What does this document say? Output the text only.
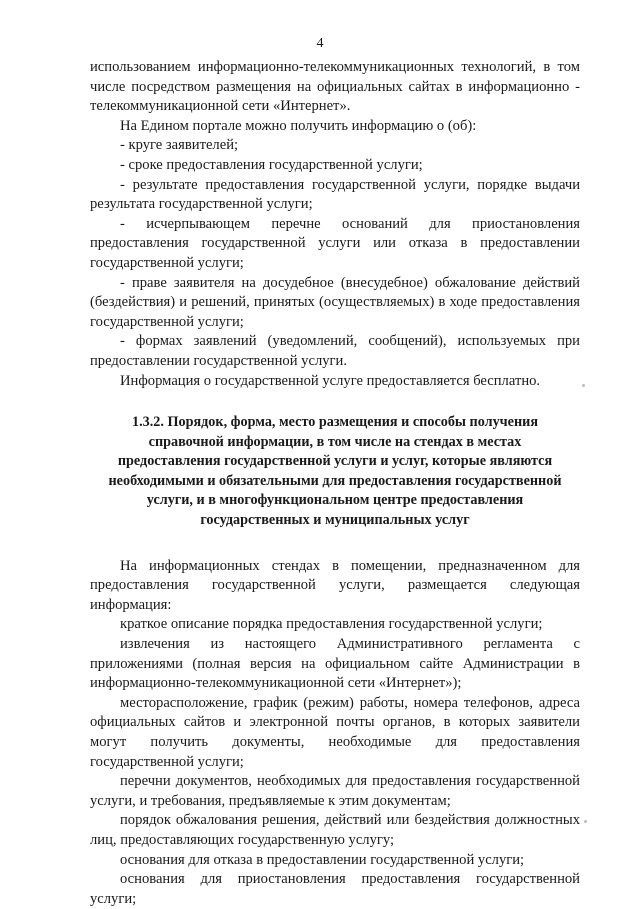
4

использованием информационно-телекоммуникационных технологий, в том числе посредством размещения на официальных сайтах в информационно - телекоммуникационной сети «Интернет».

На Едином портале можно получить информацию о (об):

- круге заявителей;

- сроке предоставления государственной услуги;

- результате предоставления государственной услуги, порядке выдачи результата государственной услуги;

- исчерпывающем перечне оснований для приостановления предоставления государственной услуги или отказа в предоставлении государственной услуги;

- праве заявителя на досудебное (внесудебное) обжалование действий (бездействия) и решений, принятых (осуществляемых) в ходе предоставления государственной услуги;

- формах заявлений (уведомлений, сообщений), используемых при предоставлении государственной услуги.

Информация о государственной услуге предоставляется бесплатно.

1.3.2. Порядок, форма, место размещения и способы получения справочной информации, в том числе на стендах в местах предоставления государственной услуги и услуг, которые являются необходимыми и обязательными для предоставления государственной услуги, и в многофункциональном центре предоставления государственных и муниципальных услуг

На информационных стендах в помещении, предназначенном для предоставления государственной услуги, размещается следующая информация:

краткое описание порядка предоставления государственной услуги;

извлечения из настоящего Административного регламента с приложениями (полная версия на официальном сайте Администрации в информационно-телекоммуникационной сети «Интернет»);

месторасположение, график (режим) работы, номера телефонов, адреса официальных сайтов и электронной почты органов, в которых заявители могут получить документы, необходимые для предоставления государственной услуги;

перечни документов, необходимых для предоставления государственной услуги, и требования, предъявляемые к этим документам;

порядок обжалования решения, действий или бездействия должностных лиц, предоставляющих государственную услугу;

основания для отказа в предоставлении государственной услуги;

основания для приостановления предоставления государственной услуги;
